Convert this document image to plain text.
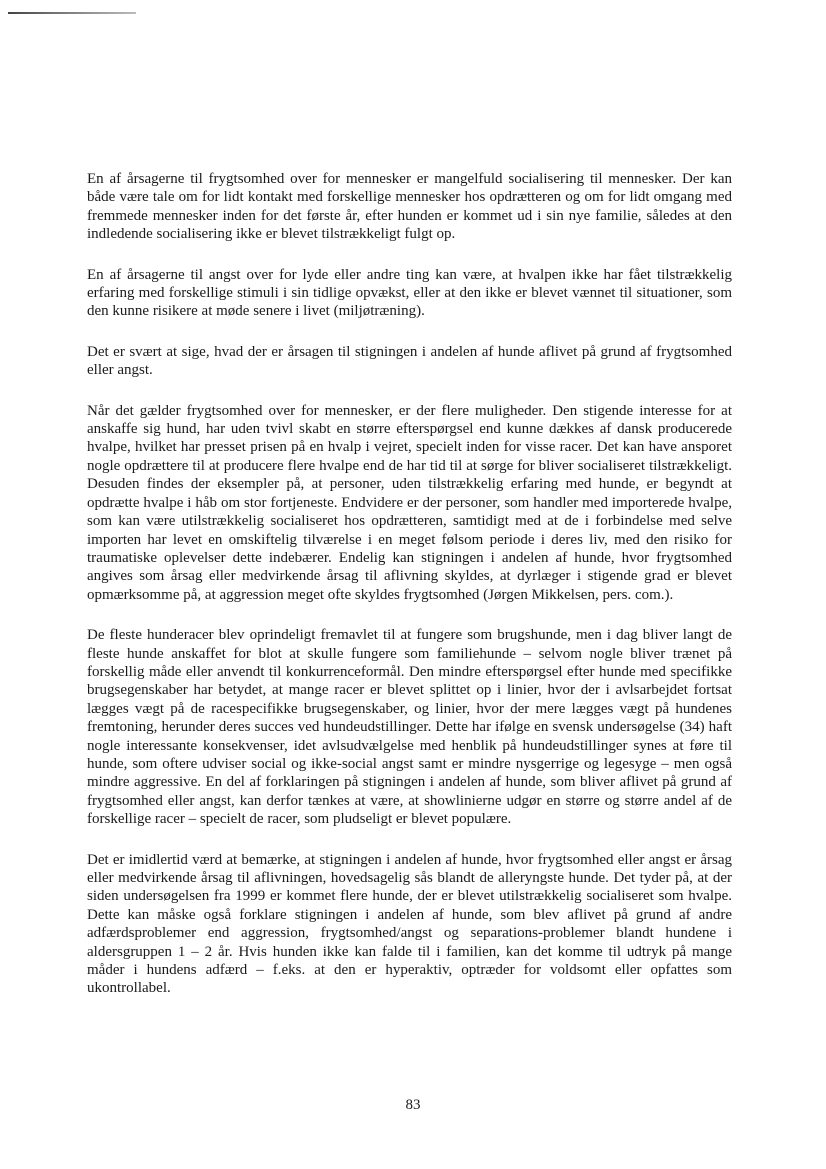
En af årsagerne til frygtsomhed over for mennesker er mangelfuld socialisering til mennesker. Der kan både være tale om for lidt kontakt med forskellige mennesker hos opdrætteren og om for lidt omgang med fremmede mennesker inden for det første år, efter hunden er kommet ud i sin nye familie, således at den indledende socialisering ikke er blevet tilstrækkeligt fulgt op.

En af årsagerne til angst over for lyde eller andre ting kan være, at hvalpen ikke har fået tilstrækkelig erfaring med forskellige stimuli i sin tidlige opvækst, eller at den ikke er blevet vænnet til situationer, som den kunne risikere at møde senere i livet (miljøtræning).

Det er svært at sige, hvad der er årsagen til stigningen i andelen af hunde aflivet på grund af frygtsomhed eller angst.

Når det gælder frygtsomhed over for mennesker, er der flere muligheder. Den stigende interesse for at anskaffe sig hund, har uden tvivl skabt en større efterspørgsel end kunne dækkes af dansk producerede hvalpe, hvilket har presset prisen på en hvalp i vejret, specielt inden for visse racer. Det kan have ansporet nogle opdrættere til at producere flere hvalpe end de har tid til at sørge for bliver socialiseret tilstrækkeligt. Desuden findes der eksempler på, at personer, uden tilstrækkelig erfaring med hunde, er begyndt at opdrætte hvalpe i håb om stor fortjeneste. Endvidere er der personer, som handler med importerede hvalpe, som kan være utilstrækkelig socialiseret hos opdrætteren, samtidigt med at de i forbindelse med selve importen har levet en omskiftelig tilværelse i en meget følsom periode i deres liv, med den risiko for traumatiske oplevelser dette indebærer. Endelig kan stigningen i andelen af hunde, hvor frygtsomhed angives som årsag eller medvirkende årsag til aflivning skyldes, at dyrlæger i stigende grad er blevet opmærksomme på, at aggression meget ofte skyldes frygtsomhed (Jørgen Mikkelsen, pers. com.).

De fleste hunderacer blev oprindeligt fremavlet til at fungere som brugshunde, men i dag bliver langt de fleste hunde anskaffet for blot at skulle fungere som familiehunde – selvom nogle bliver trænet på forskellig måde eller anvendt til konkurrenceformål. Den mindre efterspørgsel efter hunde med specifikke brugsegenskaber har betydet, at mange racer er blevet splittet op i linier, hvor der i avlsarbejdet fortsat lægges vægt på de racespecifikke brugsegenskaber, og linier, hvor der mere lægges vægt på hundenes fremtoning, herunder deres succes ved hundeudstillinger. Dette har ifølge en svensk undersøgelse (34) haft nogle interessante konsekvenser, idet avlsudvælgelse med henblik på hundeudstillinger synes at føre til hunde, som oftere udviser social og ikke-social angst samt er mindre nysgerrige og legesyge – men også mindre aggressive. En del af forklaringen på stigningen i andelen af hunde, som bliver aflivet på grund af frygtsomhed eller angst, kan derfor tænkes at være, at showlinierne udgør en større og større andel af de forskellige racer – specielt de racer, som pludseligt er blevet populære.

Det er imidlertid værd at bemærke, at stigningen i andelen af hunde, hvor frygtsomhed eller angst er årsag eller medvirkende årsag til aflivningen, hovedsagelig sås blandt de alleryngste hunde. Det tyder på, at der siden undersøgelsen fra 1999 er kommet flere hunde, der er blevet utilstrækkelig socialiseret som hvalpe. Dette kan måske også forklare stigningen i andelen af hunde, som blev aflivet på grund af andre adfærdsproblemer end aggression, frygtsomhed/angst og separations-problemer blandt hundene i aldersgruppen 1 – 2 år. Hvis hunden ikke kan falde til i familien, kan det komme til udtryk på mange måder i hundens adfærd – f.eks. at den er hyperaktiv, optræder for voldsomt eller opfattes som ukontrollabel.

83
